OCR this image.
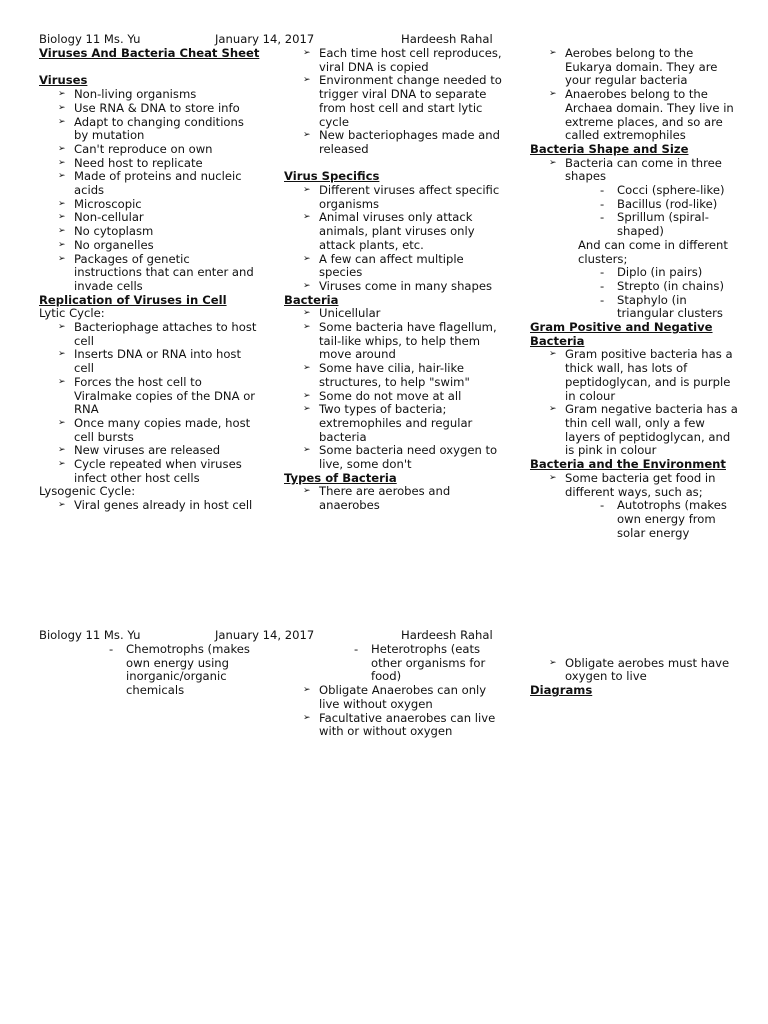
Biology 11 Ms. Yu	January 14, 2017	Hardeesh Rahal
Viruses And Bacteria Cheat Sheet
Viruses
➢ Non-living organisms
➢ Use RNA & DNA to store info
➢ Adapt to changing conditions by mutation
➢ Can't reproduce on own
➢ Need host to replicate
➢ Made of proteins and nucleic acids
➢ Microscopic
➢ Non-cellular
➢ No cytoplasm
➢ No organelles
➢ Packages of genetic instructions that can enter and invade cells
Replication of Viruses in Cell
Lytic Cycle:
➢ Bacteriophage attaches to host cell
➢ Inserts DNA or RNA into host cell
➢ Forces the host cell to Viralmake copies of the DNA or RNA
➢ Once many copies made, host cell bursts
➢ New viruses are released
➢ Cycle repeated when viruses infect other host cells
Lysogenic Cycle:
➢ Viral genes already in host cell
➢ Each time host cell reproduces, viral DNA is copied
➢ Environment change needed to trigger viral DNA to separate from host cell and start lytic cycle
➢ New bacteriophages made and released
Virus Specifics
➢ Different viruses affect specific organisms
➢ Animal viruses only attack animals, plant viruses only attack plants, etc.
➢ A few can affect multiple species
➢ Viruses come in many shapes
Bacteria
➢ Unicellular
➢ Some bacteria have flagellum, tail-like whips, to help them move around
➢ Some have cilia, hair-like structures, to help "swim"
➢ Some do not move at all
➢ Two types of bacteria; extremophiles and regular bacteria
➢ Some bacteria need oxygen to live, some don't
Types of Bacteria
➢ There are aerobes and anaerobes
➢ Aerobes belong to the Eukarya domain. They are your regular bacteria
➢ Anaerobes belong to the Archaea domain. They live in extreme places, and so are called extremophiles
Bacteria Shape and Size
➢ Bacteria can come in three shapes
- Cocci (sphere-like)
- Bacillus (rod-like)
- Sprillum (spiral-shaped)
And can come in different clusters;
- Diplo (in pairs)
- Strepto (in chains)
- Staphylo (in triangular clusters
Gram Positive and Negative Bacteria
➢ Gram positive bacteria has a thick wall, has lots of peptidoglycan, and is purple in colour
➢ Gram negative bacteria has a thin cell wall, only a few layers of peptidoglycan, and is pink in colour
Bacteria and the Environment
➢ Some bacteria get food in different ways, such as;
- Autotrophs (makes own energy from solar energy
Biology 11 Ms. Yu	January 14, 2017	Hardeesh Rahal
- Chemotrophs (makes own energy using inorganic/organic chemicals
- Heterotrophs (eats other organisms for food)
➢ Obligate Anaerobes can only live without oxygen
➢ Facultative anaerobes can live with or without oxygen
➢ Obligate aerobes must have oxygen to live
Diagrams
